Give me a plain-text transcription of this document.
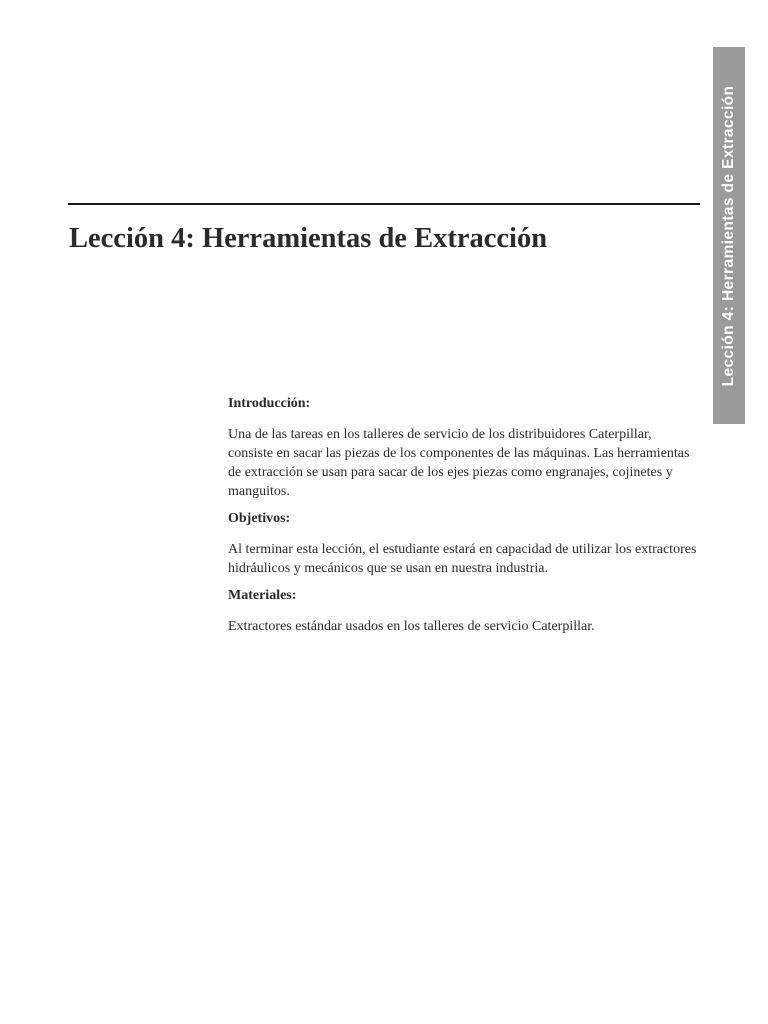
Lección 4: Herramientas de Extracción
Lección 4: Herramientas de Extracción

Introducción:

Una de las tareas en los talleres de servicio de los distribuidores Caterpillar, consiste en sacar las piezas de los componentes de las máquinas. Las herramientas de extracción se usan para sacar de los ejes piezas como engranajes, cojinetes y manguitos.

Objetivos:

Al terminar esta lección, el estudiante estará en capacidad de utilizar los extractores hidráulicos y mecánicos que se usan en nuestra industria.

Materiales:

Extractores estándar usados en los talleres de servicio Caterpillar.
